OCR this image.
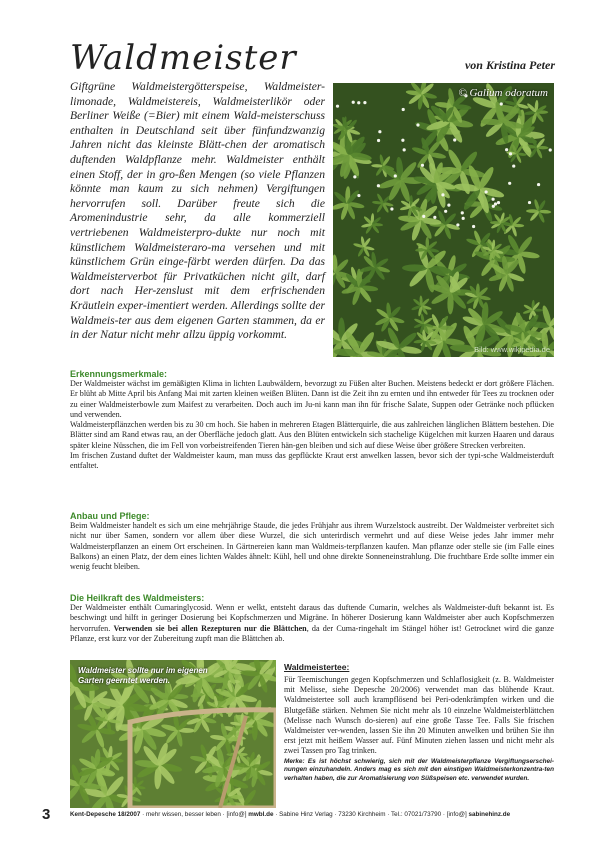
Waldmeister	von Kristina Peter

Giftgrüne Waldmeistergötterspeise, Waldmeister-limonade, Waldmeistereis, Waldmeisterlikör oder Berliner Weiße (=Bier) mit einem Wald-meisterschuss enthalten in Deutschland seit über fünfundzwanzig Jahren nicht das kleinste Blätt-chen der aromatisch duftenden Waldpflanze mehr. Waldmeister enthält einen Stoff, der in gro-ßen Mengen (so viele Pflanzen könnte man kaum zu sich nehmen) Vergiftungen hervorrufen soll. Darüber freute sich die Aromenindustrie sehr, da alle kommerziell vertriebenen Waldmeisterpro-dukte nur noch mit künstlichem Waldmeisteraro-ma versehen und mit künstlichem Grün einge-färbt werden dürfen. Da das Waldmeisterverbot für Privatküchen nicht gilt, darf dort nach Her-zenslust mit dem erfrischenden Kräutlein exper-imentiert werden. Allerdings sollte der Waldmeis-ter aus dem eigenen Garten stammen, da er in der Natur nicht mehr allzu üppig vorkommt.

© Galium odoratum
Bild: www.wikipedia.de
Erkennungsmerkmale:

Der Waldmeister wächst im gemäßigten Klima in lichten Laubwäldern, bevorzugt zu Füßen alter Buchen. Meistens bedeckt er dort größere Flächen. Er blüht ab Mitte April bis Anfang Mai mit zarten kleinen weißen Blüten. Dann ist die Zeit ihn zu ernten und ihn entweder für Tees zu trocknen oder zu einer Waldmeisterbowle zum Maifest zu verarbeiten. Doch auch im Ju-ni kann man ihn für frische Salate, Suppen oder Getränke noch pflücken und verwenden.

Waldmeisterpflänzchen werden bis zu 30 cm hoch. Sie haben in mehreren Etagen Blätterquirle, die aus zahlreichen länglichen Blättern bestehen. Die Blätter sind am Rand etwas rau, an der Oberfläche jedoch glatt. Aus den Blüten entwickeln sich stachelige Kügelchen mit kurzen Haaren und daraus später kleine Nüsschen, die im Fell von vorbeistreifenden Tieren hän-gen bleiben und sich auf diese Weise über größere Strecken verbreiten.

Im frischen Zustand duftet der Waldmeister kaum, man muss das gepflückte Kraut erst anwelken lassen, bevor sich der typi-sche Waldmeisterduft entfaltet.

Anbau und Pflege:

Beim Waldmeister handelt es sich um eine mehrjährige Staude, die jedes Frühjahr aus ihrem Wurzelstock austreibt. Der Waldmeister verbreitet sich nicht nur über Samen, sondern vor allem über diese Wurzel, die sich unterirdisch vermehrt und auf diese Weise jedes Jahr immer mehr Waldmeisterpflanzen an einem Ort erscheinen. In Gärtnereien kann man Waldmeis-terpflanzen kaufen. Man pflanze oder stelle sie (im Falle eines Balkons) an einen Platz, der dem eines lichten Waldes ähnelt: Kühl, hell und ohne direkte Sonneneinstrahlung. Die fruchtbare Erde sollte immer ein wenig feucht bleiben.

Die Heilkraft des Waldmeisters:

Der Waldmeister enthält Cumaringlycosid. Wenn er welkt, entsteht daraus das duftende Cumarin, welches als Waldmeister-duft bekannt ist. Es beschwingt und hilft in geringer Dosierung bei Kopfschmerzen und Migräne. In höherer Dosierung kann Waldmeister aber auch Kopfschmerzen hervorrufen. Verwenden sie bei allen Rezepturen nur die Blättchen, da der Cuma-ringehalt im Stängel höher ist! Getrocknet wird die ganze Pflanze, erst kurz vor der Zubereitung zupft man die Blättchen ab.

Waldmeister sollte nur im eigenen Garten geerntet werden.
Waldmeistertee:

Für Teemischungen gegen Kopfschmerzen und Schlaflosigkeit (z. B. Waldmeister mit Melisse, siehe Depesche 20/2006) verwendet man das blühende Kraut. Waldmeistertee soll auch krampflösend bei Peri-odenkrämpfen wirken und die Blutgefäße stärken. Nehmen Sie nicht mehr als 10 einzelne Waldmeisterblättchen (Melisse nach Wunsch do-sieren) auf eine große Tasse Tee. Falls Sie frischen Waldmeister ver-wenden, lassen Sie ihn 20 Minuten anwelken und brühen Sie ihn erst jetzt mit heißem Wasser auf. Fünf Minuten ziehen lassen und nicht mehr als zwei Tassen pro Tag trinken.

Merke: Es ist höchst schwierig, sich mit der Waldmeisterpflanze Vergiftungserschei-nungen einzuhandeln. Anders mag es sich mit den einstigen Waldmeisterkonzentra-ten verhalten haben, die zur Aromatisierung von Süßspeisen etc. verwendet wurden.

3	Kent-Depesche 18/2007 · mehr wissen, besser leben · [info@] mwbl.de · Sabine Hinz Verlag · 73230 Kirchheim · Tel.: 07021/73790 · [info@] sabinehinz.de
